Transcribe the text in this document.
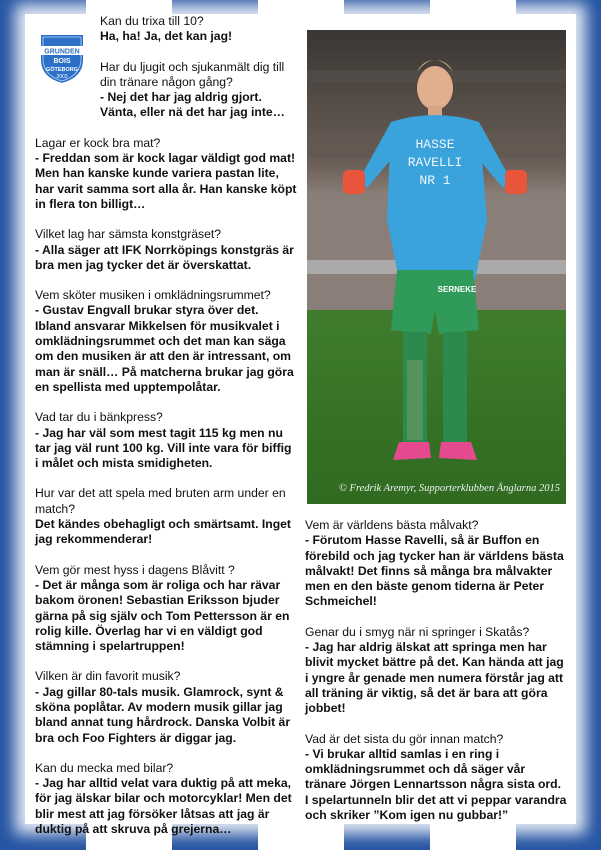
GRUNDEN
BOIS
GÖTEBORG
2003

Kan du trixa till 10?

Ha, ha! Ja, det kan jag!

Har du ljugit och sjukanmält dig till din tränare någon gång?

- Nej det har jag aldrig gjort. Vänta, eller nä det har jag inte…

Lagar er kock bra mat?

- Freddan som är kock lagar väldigt god mat! Men han kanske kunde variera pastan lite, har varit samma sort alla år. Han kanske köpt in flera ton billigt…

Vilket lag har sämsta konstgräset?

- Alla säger att IFK Norrköpings konstgräs är bra men jag tycker det är överskattat.

Vem sköter musiken i omklädningsrummet?

- Gustav Engvall brukar styra över det. Ibland ansvarar Mikkelsen för musikvalet i omklädningsrummet och det man kan säga om den musiken är att den är intressant, om man är snäll… På matcherna brukar jag göra en spellista med upptempolåtar.

Vad tar du i bänkpress?

- Jag har väl som mest tagit 115 kg men nu tar jag väl runt 100 kg. Vill inte vara för biffig i målet och mista smidigheten.

Hur var det att spela med bruten arm under en match?

Det kändes obehagligt och smärtsamt. Inget jag rekommenderar!

Vem gör mest hyss i dagens Blåvitt ?

- Det är många som är roliga och har rävar bakom öronen! Sebastian Eriksson bjuder gärna på sig själv och Tom Pettersson är en rolig kille. Överlag har vi en väldigt god stämning i spelartruppen!

Vilken är din favorit musik?

- Jag gillar 80-tals musik. Glamrock, synt & sköna poplåtar. Av modern musik gillar jag bland annat tung hårdrock. Danska Volbit är bra och Foo Fighters är diggar jag.

Kan du mecka med bilar?

- Jag har alltid velat vara duktig på att meka, för jag älskar bilar och motorcyklar! Men det blir mest att jag försöker låtsas att jag är duktig på att skruva på grejerna…

HASSE
RAVELLI
NR 1
SERNEKE
© Fredrik Aremyr, Supporterklubben Änglarna 2015

Vem är världens bästa målvakt?

- Förutom Hasse Ravelli, så är Buffon en förebild och jag tycker han är världens bästa målvakt! Det finns så många bra målvakter men en den bäste genom tiderna är Peter Schmeichel!

Genar du i smyg när ni springer i Skatås?

- Jag har aldrig älskat att springa men har blivit mycket bättre på det. Kan hända att jag i yngre år genade men numera förstår jag att all träning är viktig, så det är bara att göra jobbet!

Vad är det sista du gör innan match?

- Vi brukar alltid samlas i en ring i omklädningsrummet och då säger vår tränare Jörgen Lennartsson några sista ord. I spelartunneln blir det att vi peppar varandra och skriker ”Kom igen nu gubbar!”
